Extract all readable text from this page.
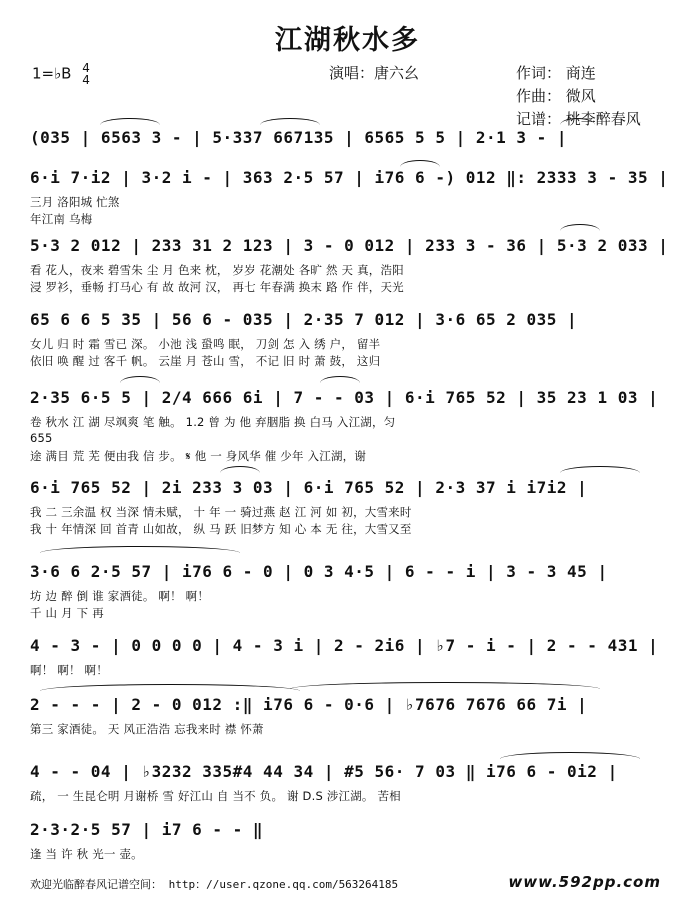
江湖秋水多
1=♭B 4
4	演唱：唐六幺	作词： 商连
作曲： 微风
记谱： 桃李醉春风
(035 | 6563 3 - | 5·337 667135 | 6565 5 5 | 2·1 3 - |
6·i 7·i2 | 3·2 i - | 363 2·5 57 | i76 6 -) 012 ‖: 2333 3 - 35 |
三月 洛阳城 忙煞
年江南 乌梅
5·3 2 012 | 233 31 2 123 | 3 - 0 012 | 233 3 - 36 | 5·3 2 033 |
看 花人，夜来 碧雪朱 尘 月 色来 枕， 岁岁 花潮处 各旷 然 天 真，浩阳
浸 罗衫，垂畅 打马心 有 故 故河 汉， 再七 年春满 换末 路 作 伴，天光
65 6 6 5 35 | 56 6 - 035 | 2·35 7 012 | 3·6 65 2 035 |
女儿 归 时 霜 雪已 深。 小池 浅 蛩鸣 眠， 刀剑 怎 入 绣 户， 留半
依旧 唤 醒 过 客千 帆。 云崖 月 苍山 雪， 不记 旧 时 萧 鼓， 这归
2·35 6·5 5 | 2/4 666 6i | 7 - - 03 | 6·i 765 52 | 35 23 1 03 |
卷 秋水 江 湖 尽飒爽 笔 触。 1.2 曾 为 他 弃胭脂 换 白马 入江湖，匀
655
途 满目 荒 芜 便由我 信 步。 𝄋 他 一 身风华 催 少年 入江湖，谢
6·i 765 52 | 2i 233 3 03 | 6·i 765 52 | 2·3 37 i i7i2 |
我 二 三余温 权 当深 情未赋， 十 年 一 骑过燕 赵 江 河 如 初，大雪来时
我 十 年情深 回 首青 山如故， 纵 马 跃 旧梦方 知 心 本 无 往，大雪又至
3·6 6 2·5 57 | i76 6 - 0 | 0 3 4·5 | 6 - - i | 3 - 3 45 |
坊 边 醉 倒 谁 家酒徒。 啊！ 啊！
千 山 月 下 再
4 - 3 - | 0 0 0 0 | 4 - 3 i | 2 - 2i6 | ♭7 - i - | 2 - - 431 |
啊！ 啊！ 啊！
2 - - - | 2 - 0 012 :‖ i76 6 - 0·6 | ♭7676 7676 66 7i |
第三 家酒徒。 天 风正浩浩 忘我来时 襟 怀萧
4 - - 04 | ♭3232 335#4 44 34 | #5 56· 7 03 ‖ i76 6 - 0i2 |
疏， 一 生昆仑明 月谢桥 雪 好江山 自 当不 负。 谢 D.S 涉江湖。 苦相
2·3·2·5 57 | i7 6 - - ‖
逢 当 许 秋 光一 壶。
欢迎光临醉春风记谱空间： http：//user.qzone.qq.com/563264185	www.592pp.com
